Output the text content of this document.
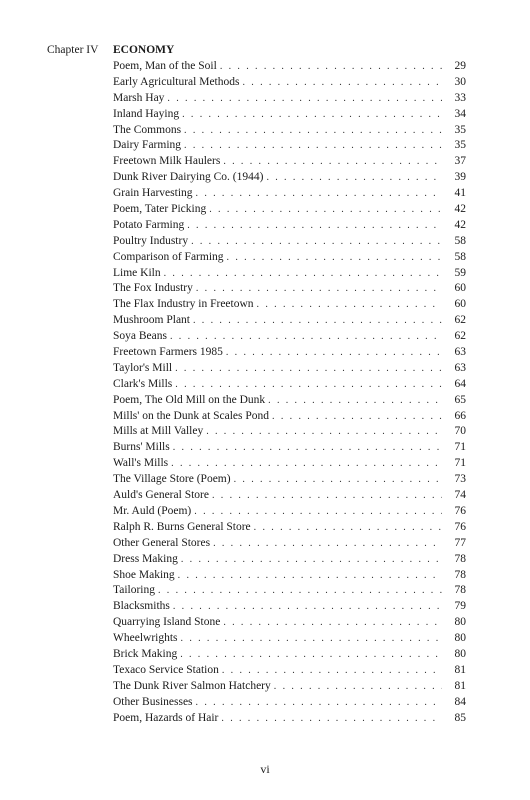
Chapter IV ECONOMY
Poem, Man of the Soil . . .	29
Early Agricultural Methods . . .	30
Marsh Hay . . .	33
Inland Haying . . .	34
The Commons . . .	35
Dairy Farming . . .	35
Freetown Milk Haulers . . .	37
Dunk River Dairying Co. (1944) . . .	39
Grain Harvesting . . .	41
Poem, Tater Picking . . .	42
Potato Farming . . .	42
Poultry Industry . . .	58
Comparison of Farming . . .	58
Lime Kiln . . .	59
The Fox Industry . . .	60
The Flax Industry in Freetown . . .	60
Mushroom Plant . . .	62
Soya Beans . . .	62
Freetown Farmers 1985 . . .	63
Taylor's Mill . . .	63
Clark's Mills . . .	64
Poem, The Old Mill on the Dunk . . .	65
Mills' on the Dunk at Scales Pond . . .	66
Mills at Mill Valley . . .	70
Burns' Mills . . .	71
Wall's Mills . . .	71
The Village Store (Poem) . . .	73
Auld's General Store . . .	74
Mr. Auld (Poem) . . .	76
Ralph R. Burns General Store . . .	76
Other General Stores . . .	77
Dress Making . . .	78
Shoe Making . . .	78
Tailoring . . .	78
Blacksmiths . . .	79
Quarrying Island Stone . . .	80
Wheelwrights . . .	80
Brick Making . . .	80
Texaco Service Station . . .	81
The Dunk River Salmon Hatchery . . .	81
Other Businesses . . .	84
Poem, Hazards of Hair . . .	85
vi
